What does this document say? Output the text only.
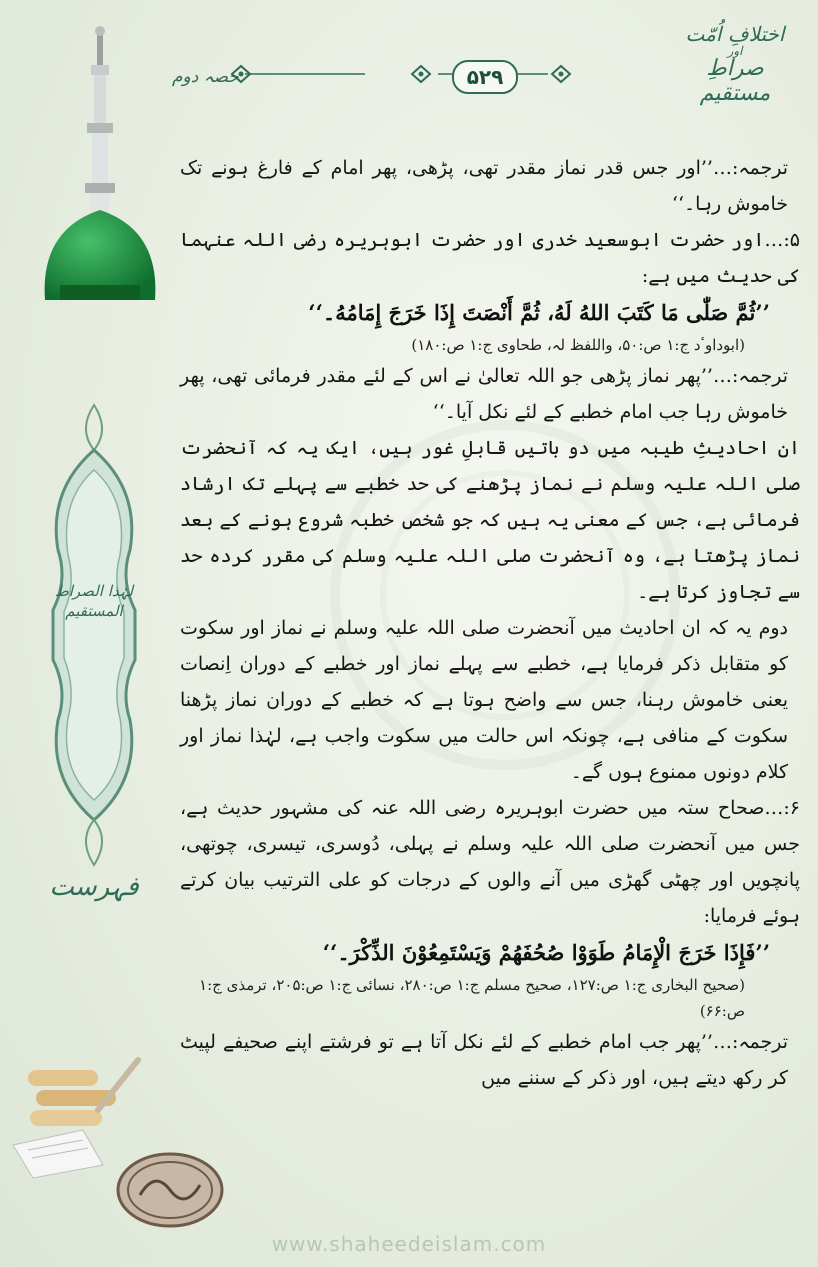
۵۲۹
حصہ دوم
اختلافِ اُمّت
اور
صراطِ مستقیم
لہٰذا الصراط المستقیم
فہرست
www.shaheedeislam.com

ترجمہ:…’’اور جس قدر نماز مقدر تھی، پڑھی، پھر امام کے فارغ ہونے تک خاموش رہا۔‘‘

۵:…اور حضرت ابوسعید خدری اور حضرت ابوہریرہ رضی اللہ عنہما کی حدیث میں ہے:

’’ثُمَّ صَلّٰی مَا کَتَبَ اللهُ لَهُ، ثُمَّ أَنْصَتَ إِذَا خَرَجَ إِمَامُهُ۔‘‘

(ابوداوٴد ج:۱ ص:۵۰، واللفظ لہ، طحاوی ج:۱ ص:۱۸۰)

ترجمہ:…’’پھر نماز پڑھی جو اللہ تعالیٰ نے اس کے لئے مقدر فرمائی تھی، پھر خاموش رہا جب امام خطبے کے لئے نکل آیا۔‘‘

ان احادیثِ طیبہ میں دو باتیں قابلِ غور ہیں، ایک یہ کہ آنحضرت صلی اللہ علیہ وسلم نے نماز پڑھنے کی حد خطبے سے پہلے تک ارشاد فرمائی ہے، جس کے معنی یہ ہیں کہ جو شخص خطبہ شروع ہونے کے بعد نماز پڑھتا ہے، وہ آنحضرت صلی اللہ علیہ وسلم کی مقرر کردہ حد سے تجاوز کرتا ہے۔

دوم یہ کہ ان احادیث میں آنحضرت صلی اللہ علیہ وسلم نے نماز اور سکوت کو متقابل ذکر فرمایا ہے، خطبے سے پہلے نماز اور خطبے کے دوران اِنصات یعنی خاموش رہنا، جس سے واضح ہوتا ہے کہ خطبے کے دوران نماز پڑھنا سکوت کے منافی ہے، چونکہ اس حالت میں سکوت واجب ہے، لہٰذا نماز اور کلام دونوں ممنوع ہوں گے۔

۶:…صحاح ستہ میں حضرت ابوہریرہ رضی اللہ عنہ کی مشہور حدیث ہے، جس میں آنحضرت صلی اللہ علیہ وسلم نے پہلی، دُوسری، تیسری، چوتھی، پانچویں اور چھٹی گھڑی میں آنے والوں کے درجات کو علی الترتیب بیان کرتے ہوئے فرمایا:

’’فَإِذَا خَرَجَ الْإِمَامُ طَوَوْا صُحُفَهُمْ وَيَسْتَمِعُوْنَ الذِّكْرَ۔‘‘

(صحیح البخاری ج:۱ ص:۱۲۷، صحیح مسلم ج:۱ ص:۲۸۰، نسائی ج:۱ ص:۲۰۵، ترمذی ج:۱ ص:۶۶)

ترجمہ:…’’پھر جب امام خطبے کے لئے نکل آتا ہے تو فرشتے اپنے صحیفے لپیٹ کر رکھ دیتے ہیں، اور ذکر کے سننے میں
